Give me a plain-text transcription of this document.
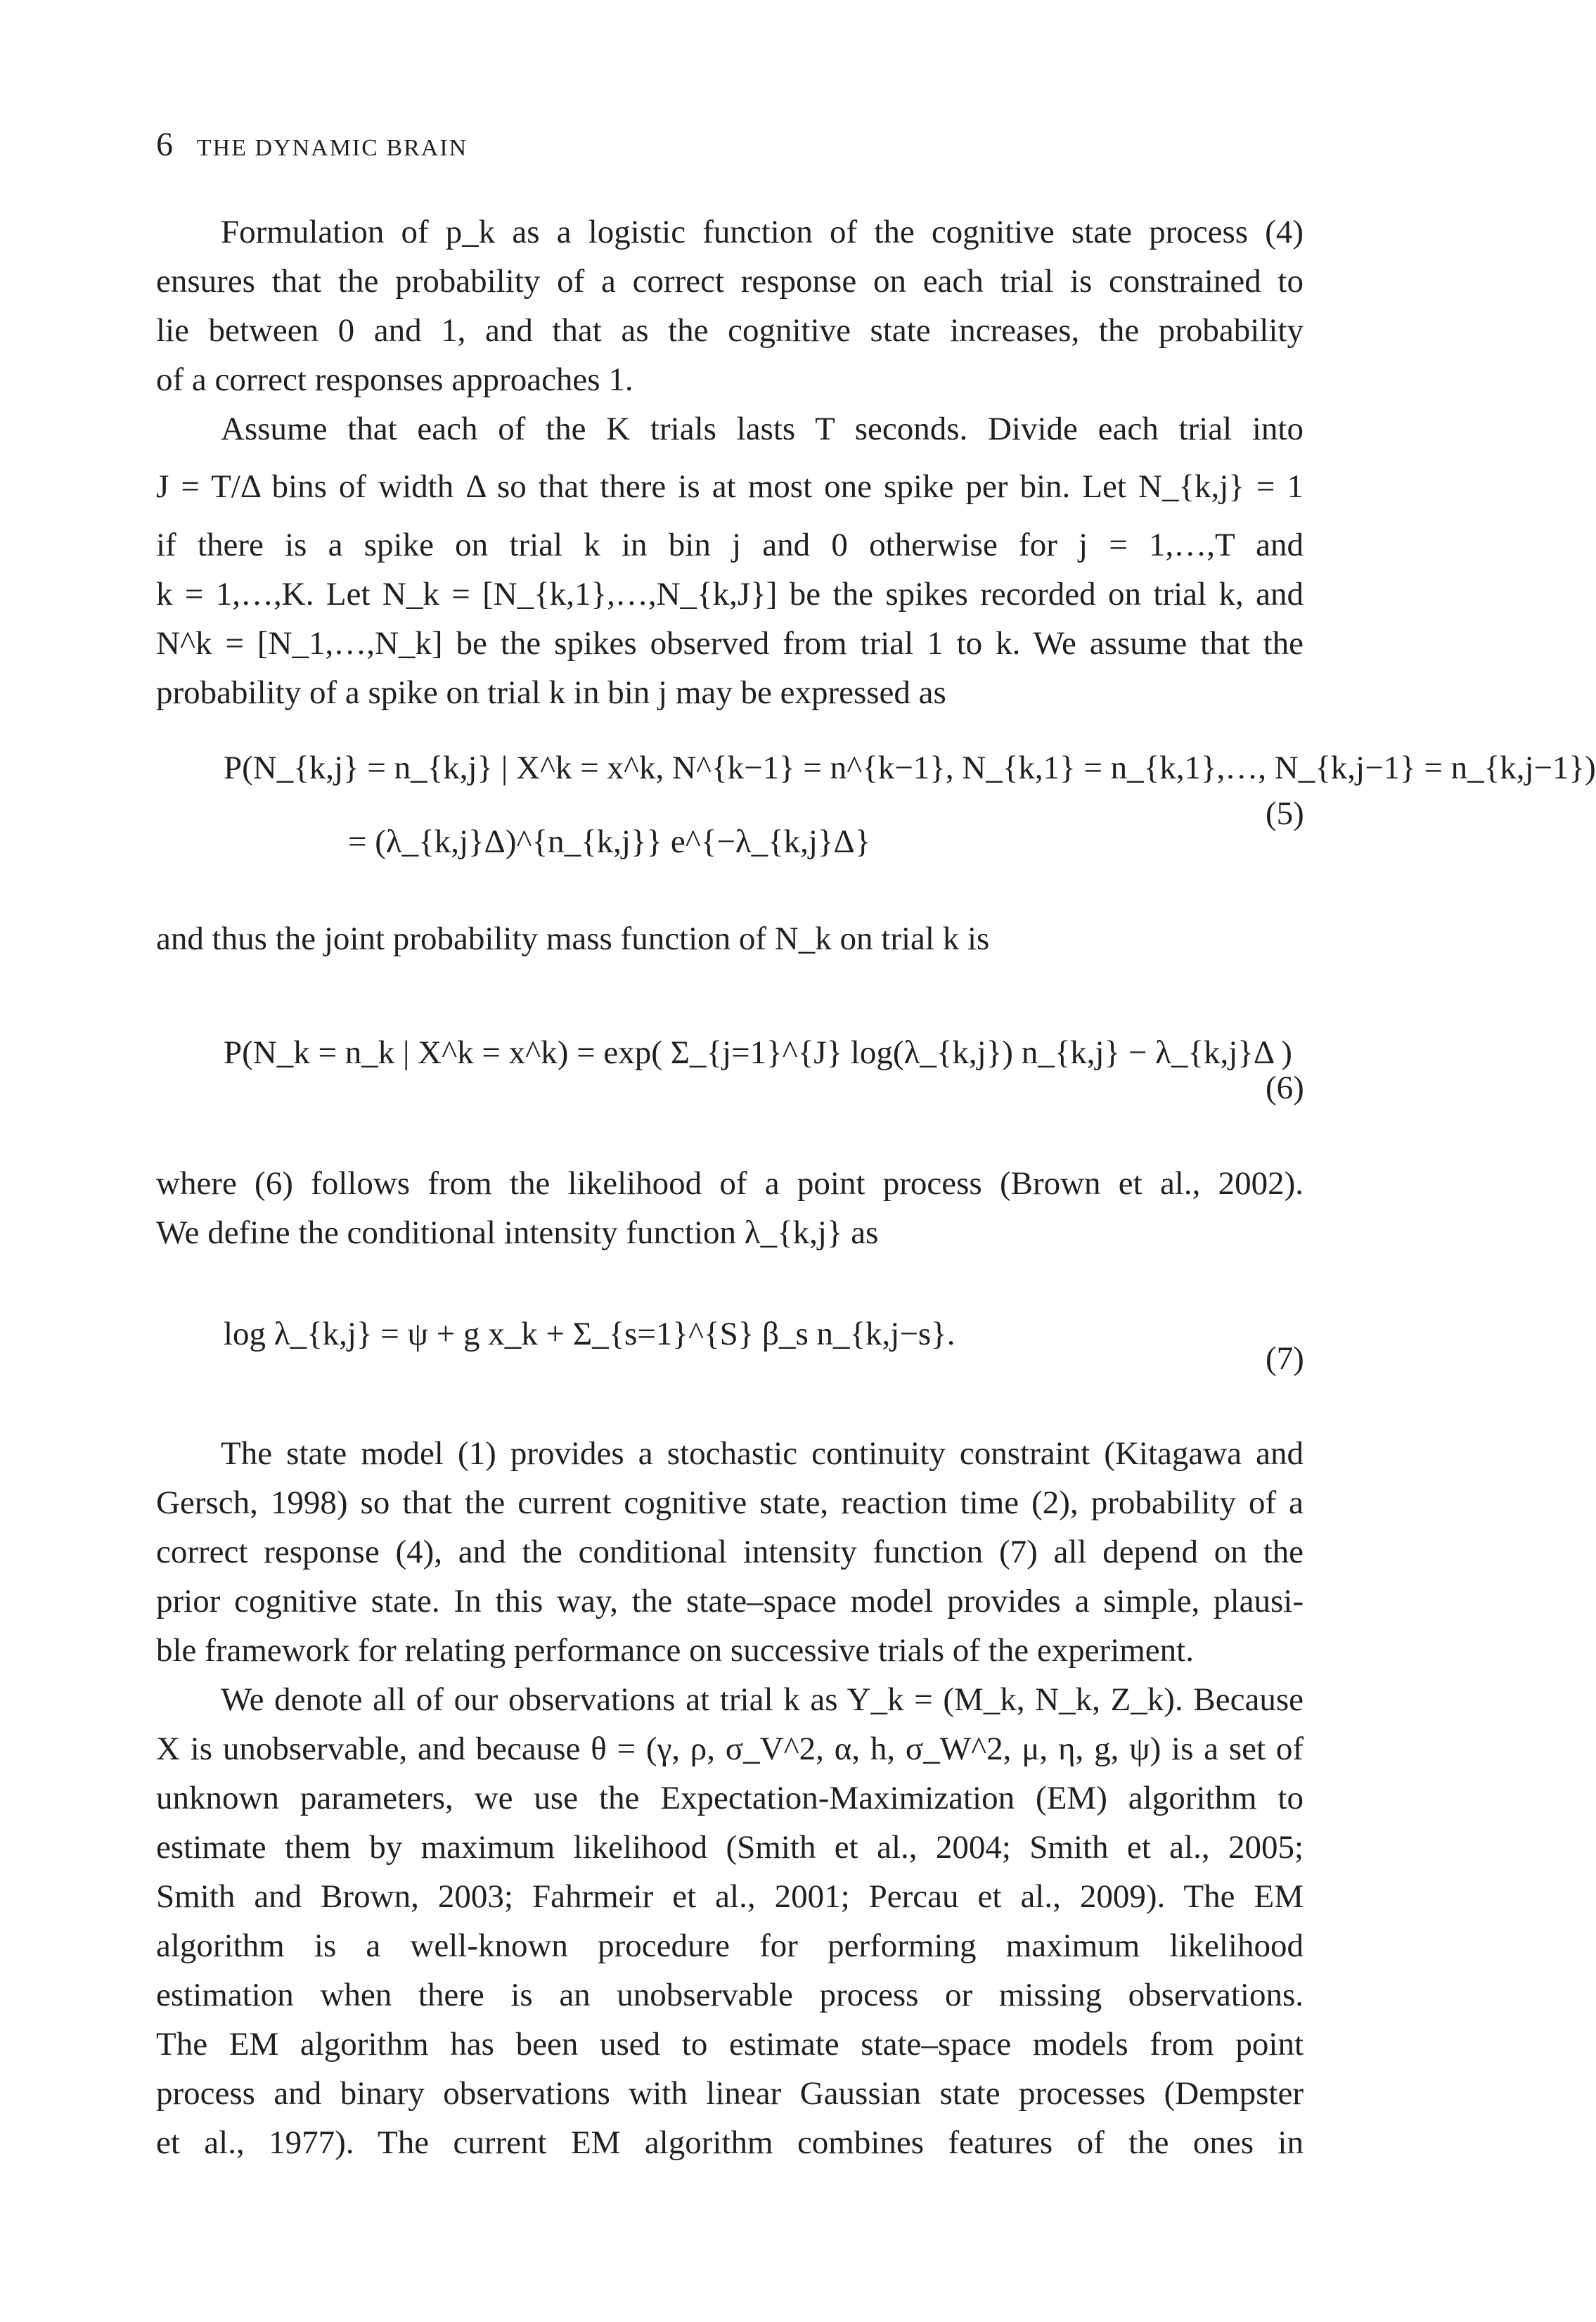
6 THE DYNAMIC BRAIN
Formulation of p_k as a logistic function of the cognitive state process (4)
ensures that the probability of a correct response on each trial is constrained to
lie between 0 and 1, and that as the cognitive state increases, the probability
of a correct responses approaches 1.
Assume that each of the K trials lasts T seconds. Divide each trial into
J = T/Δ bins of width Δ so that there is at most one spike per bin. Let N_{k,j} = 1
if there is a spike on trial k in bin j and 0 otherwise for j = 1,…,T and
k = 1,…,K. Let N_k = [N_{k,1},…,N_{k,J}] be the spikes recorded on trial k, and
N^k = [N_1,…,N_k] be the spikes observed from trial 1 to k. We assume that the
probability of a spike on trial k in bin j may be expressed as
P(N_{k,j} = n_{k,j} | X^k = x^k, N^{k−1} = n^{k−1}, N_{k,1} = n_{k,1},…, N_{k,j−1} = n_{k,j−1})
= (λ_{k,j}Δ)^{n_{k,j}} e^{−λ_{k,j}Δ}
(5)
and thus the joint probability mass function of N_k on trial k is
P(N_k = n_k | X^k = x^k) = exp( Σ_{j=1}^{J} log(λ_{k,j}) n_{k,j} − λ_{k,j}Δ )
(6)
where (6) follows from the likelihood of a point process (Brown et al., 2002).
We define the conditional intensity function λ_{k,j} as
log λ_{k,j} = ψ + g x_k + Σ_{s=1}^{S} β_s n_{k,j−s}.
(7)
The state model (1) provides a stochastic continuity constraint (Kitagawa and
Gersch, 1998) so that the current cognitive state, reaction time (2), probability of a
correct response (4), and the conditional intensity function (7) all depend on the
prior cognitive state. In this way, the state–space model provides a simple, plausi-
ble framework for relating performance on successive trials of the experiment.
We denote all of our observations at trial k as Y_k = (M_k, N_k, Z_k). Because
X is unobservable, and because θ = (γ, ρ, σ_V^2, α, h, σ_W^2, μ, η, g, ψ) is a set of
unknown parameters, we use the Expectation-Maximization (EM) algorithm to
estimate them by maximum likelihood (Smith et al., 2004; Smith et al., 2005;
Smith and Brown, 2003; Fahrmeir et al., 2001; Percau et al., 2009). The EM
algorithm is a well-known procedure for performing maximum likelihood
estimation when there is an unobservable process or missing observations.
The EM algorithm has been used to estimate state–space models from point
process and binary observations with linear Gaussian state processes (Dempster
et al., 1977). The current EM algorithm combines features of the ones in
